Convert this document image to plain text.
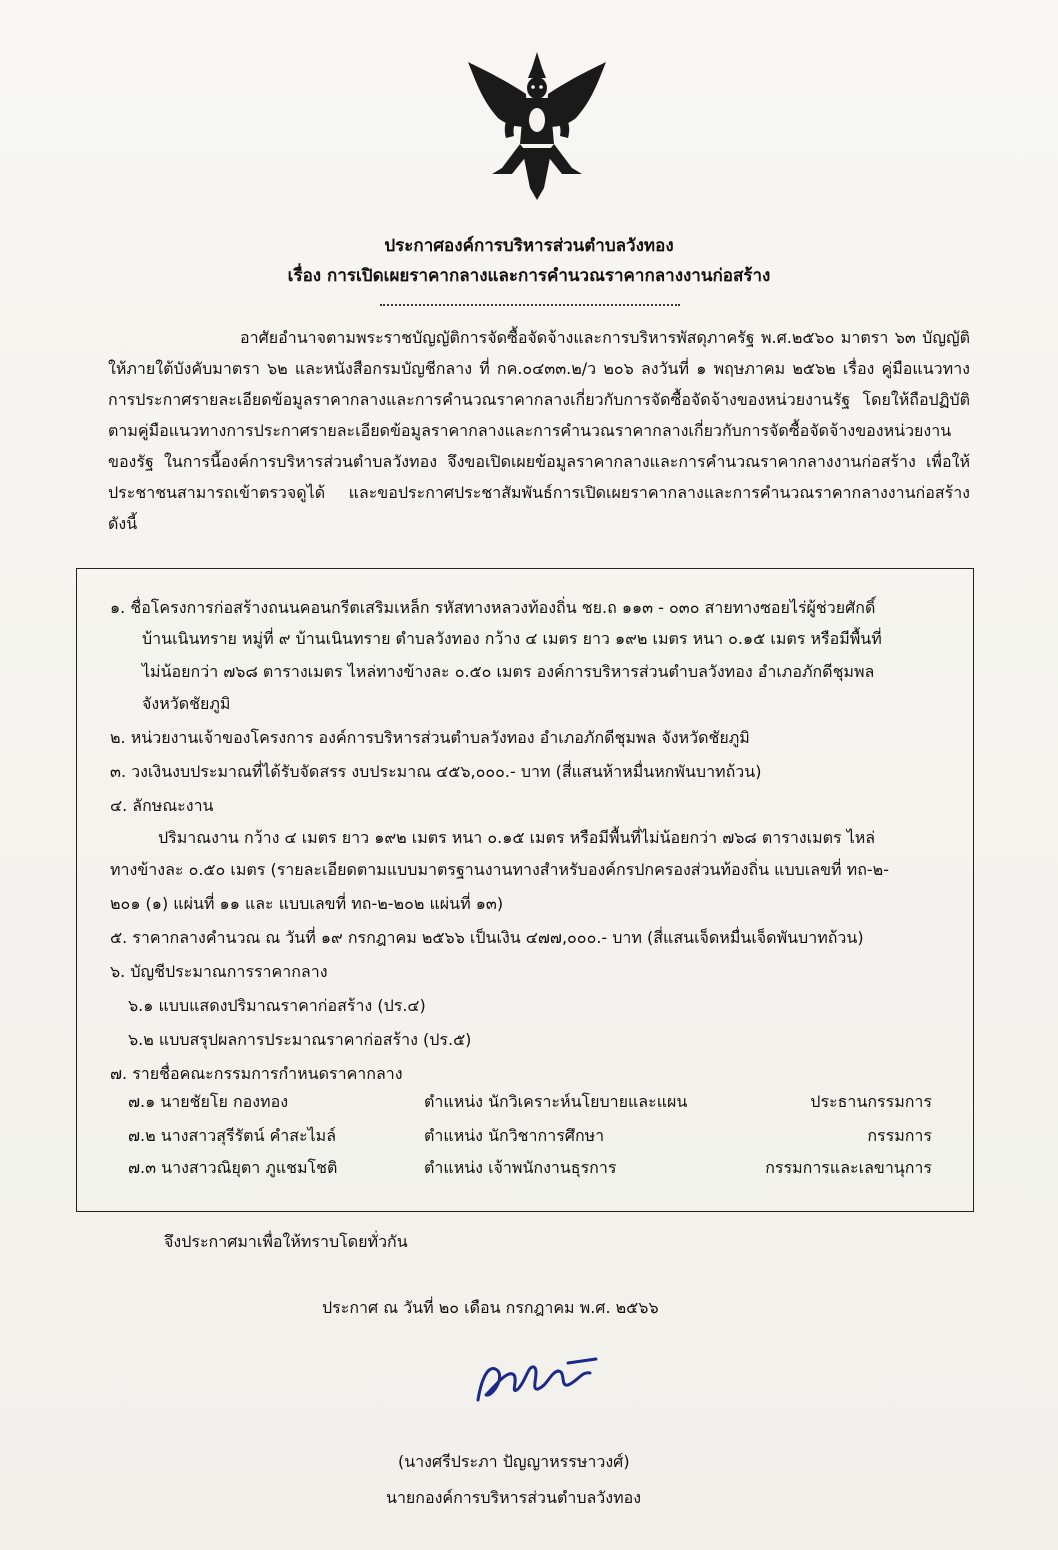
ประกาศองค์การบริหารส่วนตำบลวังทอง
เรื่อง การเปิดเผยราคากลางและการคำนวณราคากลางงานก่อสร้าง
อาศัยอำนาจตามพระราชบัญญัติการจัดซื้อจัดจ้างและการบริหารพัสดุภาครัฐ พ.ศ.๒๕๖๐ มาตรา ๖๓ บัญญัติให้ภายใต้บังคับมาตรา ๖๒ และหนังสือกรมบัญชีกลาง ที่ กค.๐๔๓๓.๒/ว ๒๐๖ ลงวันที่ ๑ พฤษภาคม ๒๕๖๒ เรื่อง คู่มือแนวทางการประกาศรายละเอียดข้อมูลราคากลางและการคำนวณราคากลางเกี่ยวกับการจัดซื้อจัดจ้างของหน่วยงานรัฐ โดยให้ถือปฏิบัติตามคู่มือแนวทางการประกาศรายละเอียดข้อมูลราคากลางและการคำนวณราคากลางเกี่ยวกับการจัดซื้อจัดจ้างของหน่วยงานของรัฐ ในการนี้องค์การบริหารส่วนตำบลวังทอง จึงขอเปิดเผยข้อมูลราคากลางและการคำนวณราคากลางงานก่อสร้าง เพื่อให้ประชาชนสามารถเข้าตรวจดูได้ และขอประกาศประชาสัมพันธ์การเปิดเผยราคากลางและการคำนวณราคากลางงานก่อสร้าง ดังนี้
๑. ชื่อโครงการก่อสร้างถนนคอนกรีตเสริมเหล็ก รหัสทางหลวงท้องถิ่น ชย.ถ ๑๑๓ - ๐๓๐ สายทางซอยไร่ผู้ช่วยศักดิ์
บ้านเนินทราย หมู่ที่ ๙ บ้านเนินทราย ตำบลวังทอง กว้าง ๔ เมตร ยาว ๑๙๒ เมตร หนา ๐.๑๕ เมตร หรือมีพื้นที่
ไม่น้อยกว่า ๗๖๘ ตารางเมตร ไหล่ทางข้างละ ๐.๕๐ เมตร องค์การบริหารส่วนตำบลวังทอง อำเภอภักดีชุมพล
จังหวัดชัยภูมิ
๒. หน่วยงานเจ้าของโครงการ องค์การบริหารส่วนตำบลวังทอง อำเภอภักดีชุมพล จังหวัดชัยภูมิ
๓. วงเงินงบประมาณที่ได้รับจัดสรร งบประมาณ ๔๕๖,๐๐๐.- บาท (สี่แสนห้าหมื่นหกพันบาทถ้วน)
๔. ลักษณะงาน
ปริมาณงาน กว้าง ๔ เมตร ยาว ๑๙๒ เมตร หนา ๐.๑๕ เมตร หรือมีพื้นที่ไม่น้อยกว่า ๗๖๘ ตารางเมตร ไหล่
ทางข้างละ ๐.๕๐ เมตร (รายละเอียดตามแบบมาตรฐานงานทางสำหรับองค์กรปกครองส่วนท้องถิ่น แบบเลขที่ ทถ-๒-
๒๐๑ (๑) แผ่นที่ ๑๑ และ แบบเลขที่ ทถ-๒-๒๐๒ แผ่นที่ ๑๓)
๕. ราคากลางคำนวณ ณ วันที่ ๑๙ กรกฎาคม ๒๕๖๖ เป็นเงิน ๔๗๗,๐๐๐.- บาท (สี่แสนเจ็ดหมื่นเจ็ดพันบาทถ้วน)
๖. บัญชีประมาณการราคากลาง
๖.๑ แบบแสดงปริมาณราคาก่อสร้าง (ปร.๔)
๖.๒ แบบสรุปผลการประมาณราคาก่อสร้าง (ปร.๕)
๗. รายชื่อคณะกรรมการกำหนดราคากลาง
๗.๑ นายชัยโย กองทอง	ตำแหน่ง นักวิเคราะห์นโยบายและแผน	ประธานกรรมการ
๗.๒ นางสาวสุรีรัตน์ คำสะไมล์	ตำแหน่ง นักวิชาการศึกษา	กรรมการ
๗.๓ นางสาวณิยุตา ภูแชมโชติ	ตำแหน่ง เจ้าพนักงานธุรการ	กรรมการและเลขานุการ
จึงประกาศมาเพื่อให้ทราบโดยทั่วกัน
ประกาศ ณ วันที่ ๒๐ เดือน กรกฎาคม พ.ศ. ๒๕๖๖
(นางศรีประภา ปัญญาหรรษาวงศ์)
นายกองค์การบริหารส่วนตำบลวังทอง
